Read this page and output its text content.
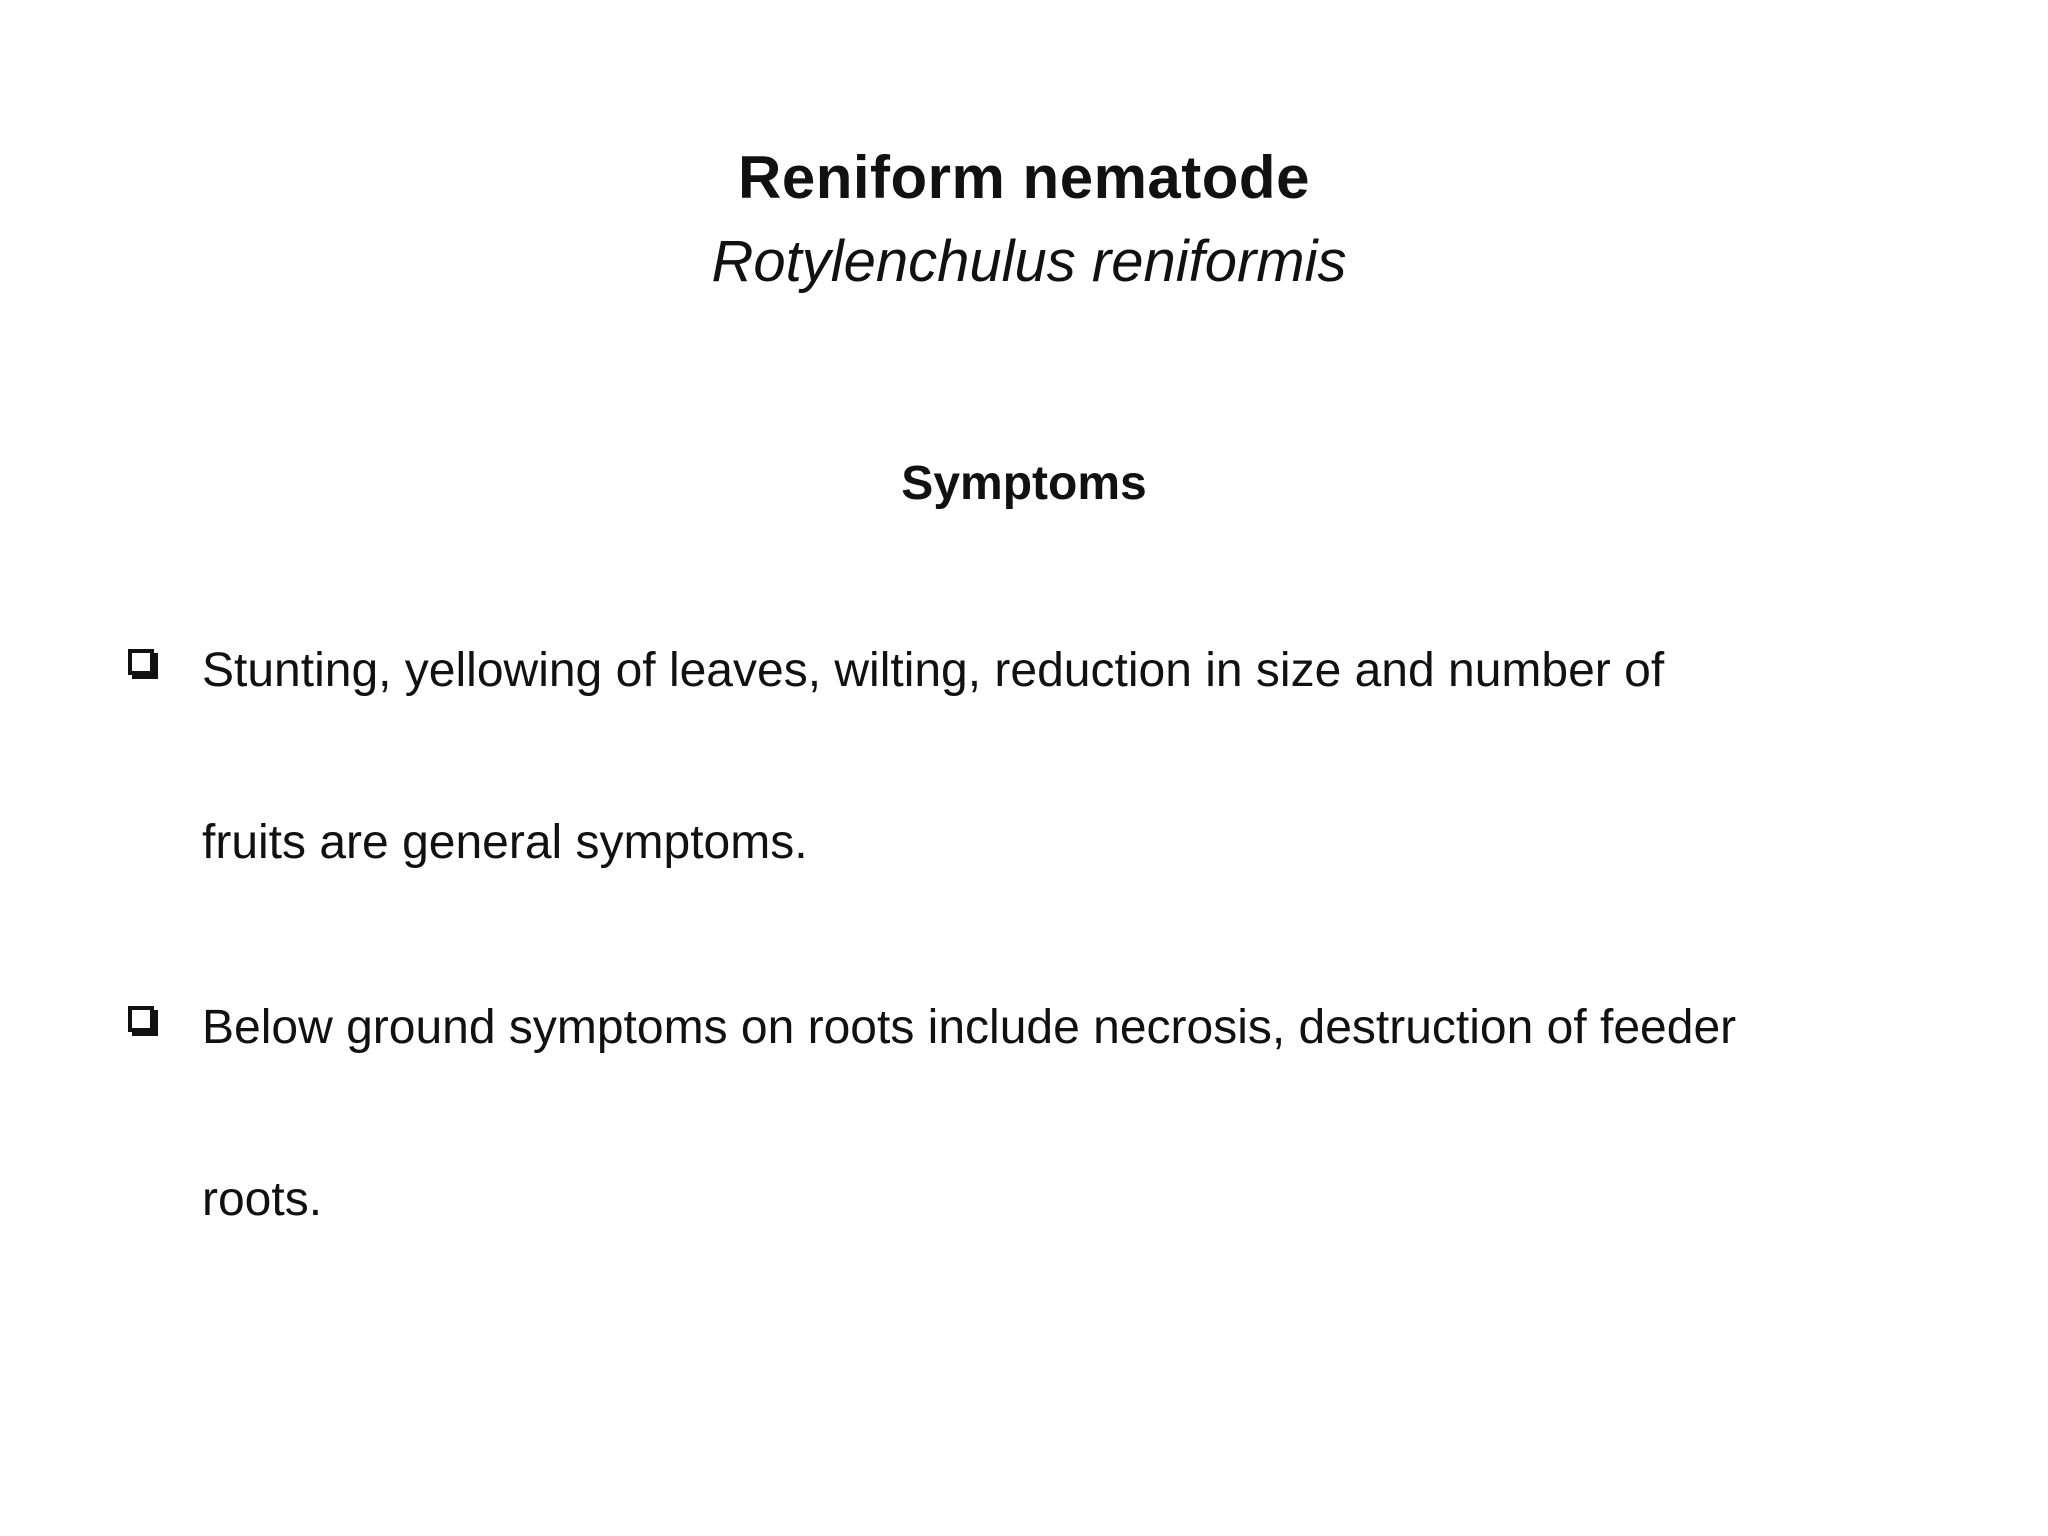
Reniform nematode
Rotylenchulus reniformis
Symptoms
Stunting, yellowing of leaves, wilting, reduction in size and number of
fruits are general symptoms.
Below ground symptoms on roots include necrosis, destruction of feeder
roots.
